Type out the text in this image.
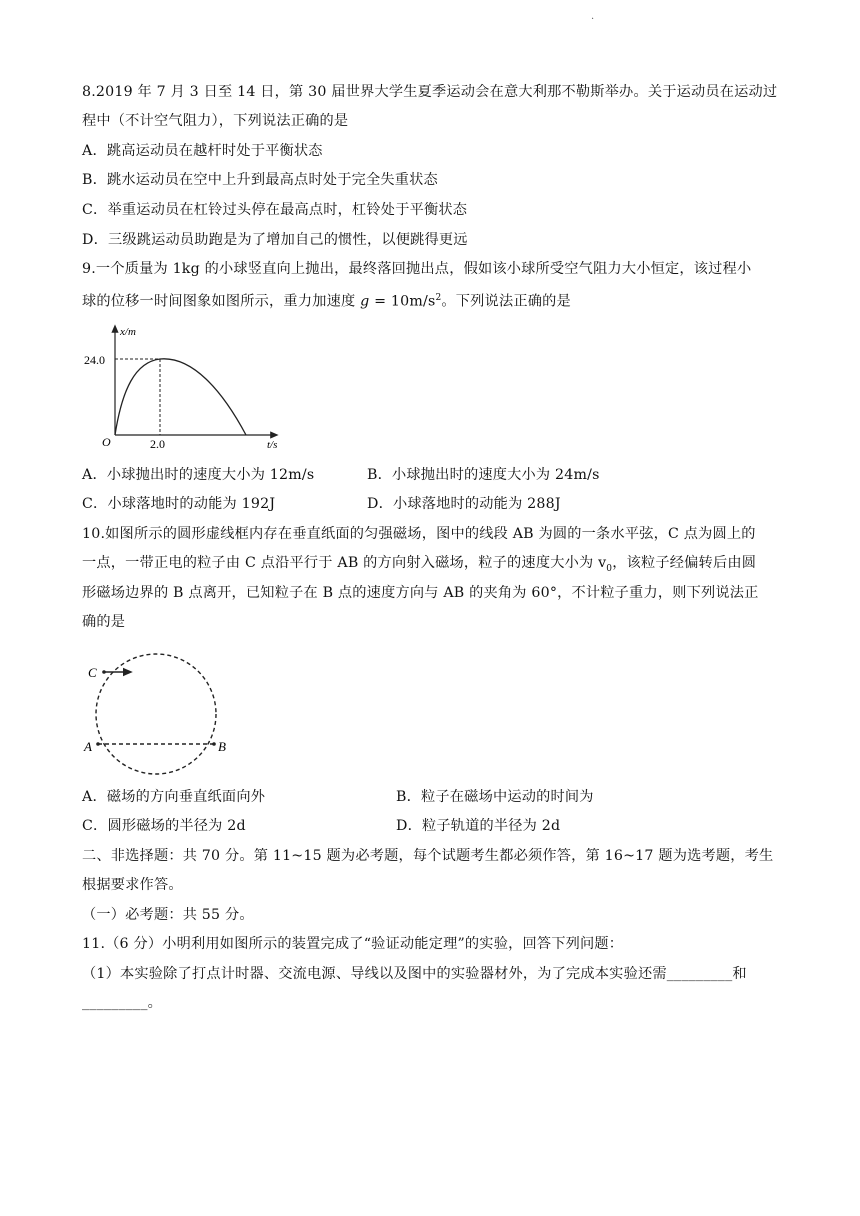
·
8.2019 年 7 月 3 日至 14 日，第 30 届世界大学生夏季运动会在意大利那不勒斯举办。关于运动员在运动过
程中（不计空气阻力），下列说法正确的是
A．跳高运动员在越杆时处于平衡状态
B．跳水运动员在空中上升到最高点时处于完全失重状态
C．举重运动员在杠铃过头停在最高点时，杠铃处于平衡状态
D．三级跳运动员助跑是为了增加自己的惯性，以便跳得更远
9.一个质量为 1kg 的小球竖直向上抛出，最终落回抛出点，假如该小球所受空气阻力大小恒定，该过程小
球的位移一时间图象如图所示，重力加速度 $g = 10m/s^2$。下列说法正确的是
x/m
24.0
O	2.0	t/s
A．小球抛出时的速度大小为 12m/s	B．小球抛出时的速度大小为 24m/s
C．小球落地时的动能为 192J	D．小球落地时的动能为 288J
10.如图所示的圆形虚线框内存在垂直纸面的匀强磁场，图中的线段 AB 为圆的一条水平弦，C 点为圆上的
一点，一带正电的粒子由 C 点沿平行于 AB 的方向射入磁场，粒子的速度大小为 $v_0$，该粒子经偏转后由圆
形磁场边界的 B 点离开，已知粒子在 B 点的速度方向与 AB 的夹角为 60°，不计粒子重力，则下列说法正
确的是
C
A	B
A．磁场的方向垂直纸面向外	B．粒子在磁场中运动的时间为
C．圆形磁场的半径为 2d	D．粒子轨道的半径为 2d
二、非选择题：共 70 分。第 11~15 题为必考题，每个试题考生都必须作答，第 16~17 题为选考题，考生
根据要求作答。
（一）必考题：共 55 分。
11.（6 分）小明利用如图所示的装置完成了“验证动能定理”的实验，回答下列问题：
（1）本实验除了打点计时器、交流电源、导线以及图中的实验器材外，为了完成本实验还需_________和
_________。
